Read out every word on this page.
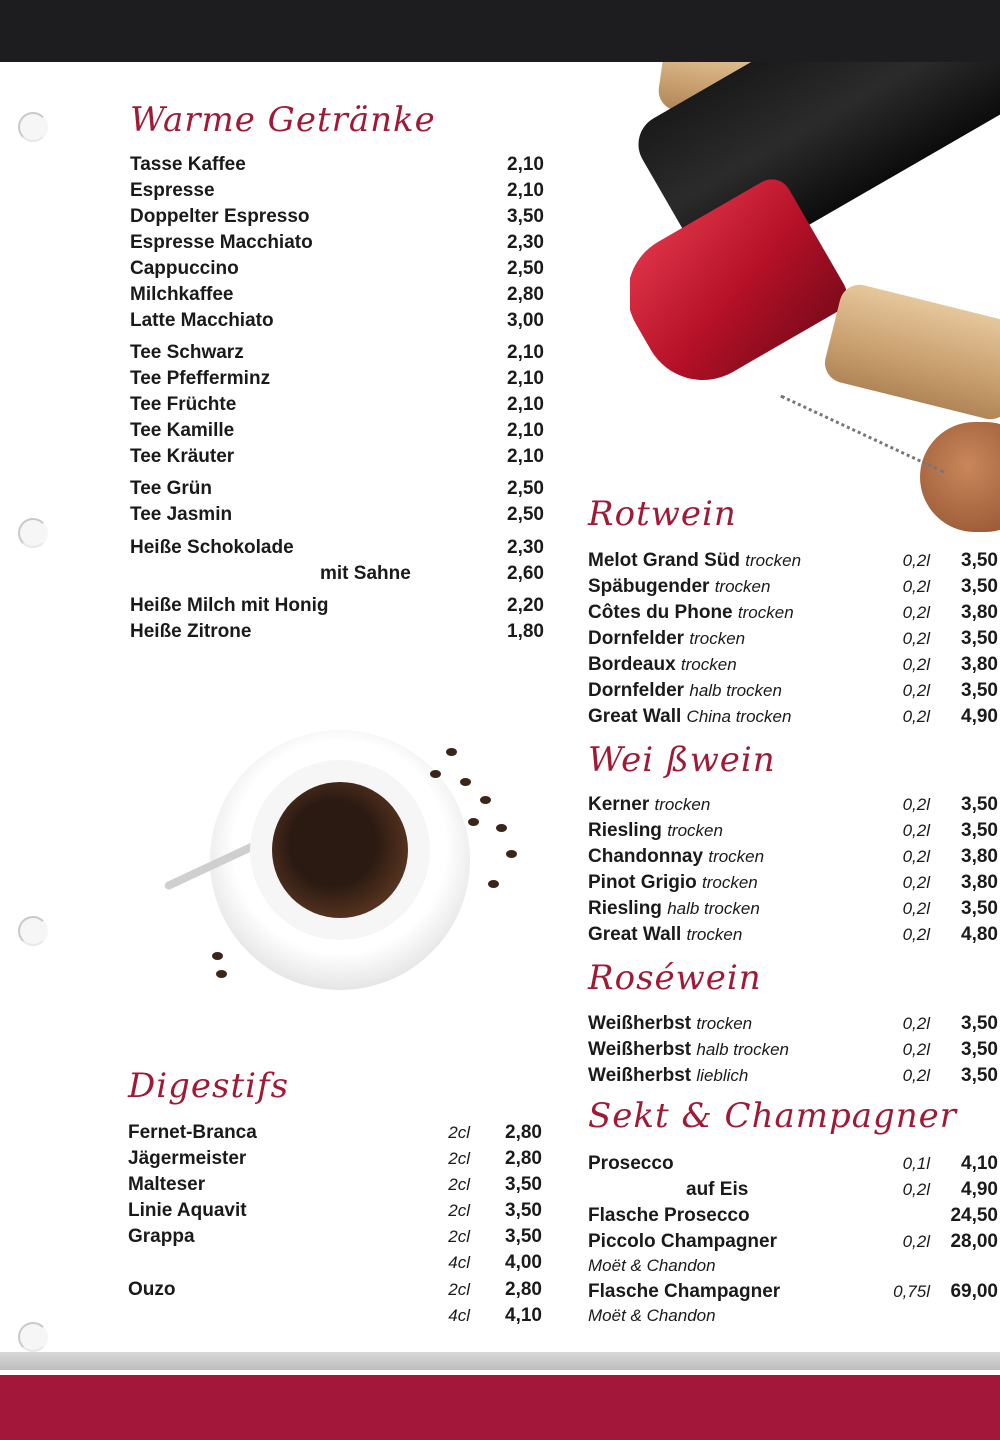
Warme Getränke
Digestifs
Rotwein
Wei ßwein
Roséwein
Sekt & Champagner
Tasse Kaffee	2,10
Espresse	2,10
Doppelter Espresso	3,50
Espresse Macchiato	2,30
Cappuccino	2,50
Milchkaffee	2,80
Latte Macchiato	3,00
Tee Schwarz	2,10
Tee Pfefferminz	2,10
Tee Früchte	2,10
Tee Kamille	2,10
Tee Kräuter	2,10
Tee Grün	2,50
Tee Jasmin	2,50
Heiße Schokolade	2,30
mit Sahne	2,60
Heiße Milch mit Honig	2,20
Heiße Zitrone	1,80
Fernet-Branca	2cl 2,80
Jägermeister	2cl 2,80
Malteser	2cl 3,50
Linie Aquavit	2cl 3,50
Grappa	2cl 3,50
4cl 4,00
Ouzo	2cl 2,80
4cl 4,10
Melot Grand Süd trocken	0,2l 3,50
Späbugender trocken	0,2l 3,50
Côtes du Phone trocken	0,2l 3,80
Dornfelder trocken	0,2l 3,50
Bordeaux trocken	0,2l 3,80
Dornfelder halb trocken	0,2l 3,50
Great Wall China trocken	0,2l 4,90
Kerner trocken	0,2l 3,50
Riesling trocken	0,2l 3,50
Chandonnay trocken	0,2l 3,80
Pinot Grigio trocken	0,2l 3,80
Riesling halb trocken	0,2l 3,50
Great Wall trocken	0,2l 4,80
Weißherbst trocken	0,2l 3,50
Weißherbst halb trocken	0,2l 3,50
Weißherbst lieblich	0,2l 3,50
Prosecco	0,1l 4,10
auf Eis	0,2l 4,90
Flasche Prosecco	24,50
Piccolo Champagner	0,2l 28,00
Moët & Chandon
Flasche Champagner	0,75l 69,00
Moët & Chandon
